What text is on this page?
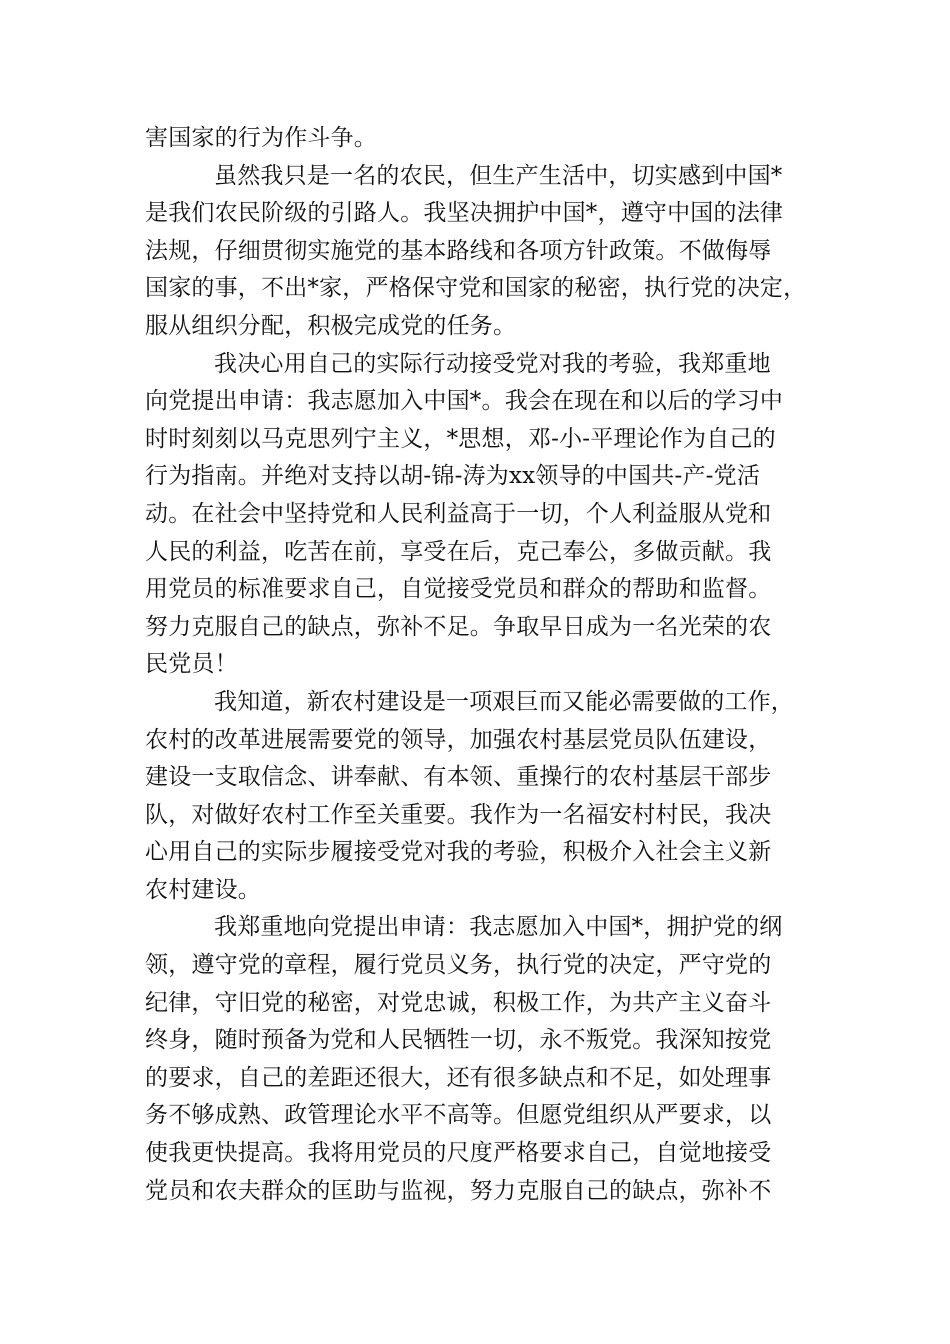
害国家的行为作斗争。
虽然我只是一名的农民，但生产生活中，切实感到中国*
是我们农民阶级的引路人。我坚决拥护中国*，遵守中国的法律
法规，仔细贯彻实施党的基本路线和各项方针政策。不做侮辱
国家的事，不出*家，严格保守党和国家的秘密，执行党的决定，
服从组织分配，积极完成党的任务。
我决心用自己的实际行动接受党对我的考验，我郑重地
向党提出申请：我志愿加入中国*。我会在现在和以后的学习中
时时刻刻以马克思列宁主义，*思想，邓-小-平理论作为自己的
行为指南。并绝对支持以胡-锦-涛为xx领导的中国共-产-党活
动。在社会中坚持党和人民利益高于一切，个人利益服从党和
人民的利益，吃苦在前，享受在后，克己奉公，多做贡献。我
用党员的标准要求自己，自觉接受党员和群众的帮助和监督。
努力克服自己的缺点，弥补不足。争取早日成为一名光荣的农
民党员！
我知道，新农村建设是一项艰巨而又能必需要做的工作，
农村的改革进展需要党的领导，加强农村基层党员队伍建设，
建设一支取信念、讲奉献、有本领、重操行的农村基层干部步
队，对做好农村工作至关重要。我作为一名福安村村民，我决
心用自己的实际步履接受党对我的考验，积极介入社会主义新
农村建设。
我郑重地向党提出申请：我志愿加入中国*，拥护党的纲
领，遵守党的章程，履行党员义务，执行党的决定，严守党的
纪律，守旧党的秘密，对党忠诚，积极工作，为共产主义奋斗
终身，随时预备为党和人民牺牲一切，永不叛党。我深知按党
的要求，自己的差距还很大，还有很多缺点和不足，如处理事
务不够成熟、政管理论水平不高等。但愿党组织从严要求，以
使我更快提高。我将用党员的尺度严格要求自己，自觉地接受
党员和农夫群众的匡助与监视，努力克服自己的缺点，弥补不
